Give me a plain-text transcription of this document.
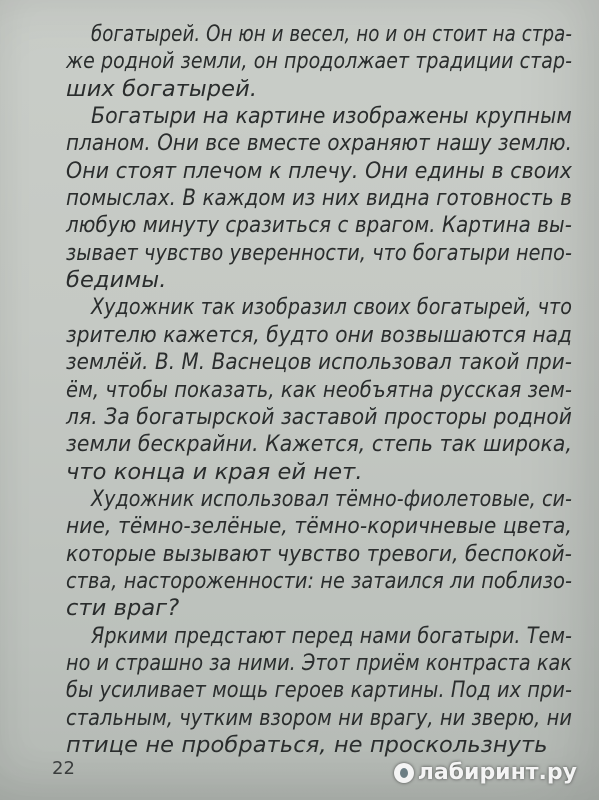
богатырей. Он юн и весел, но и он стоит на стра-
же родной земли, он продолжает традиции стар-
ших богатырей.
Богатыри на картине изображены крупным
планом. Они все вместе охраняют нашу землю.
Они стоят плечом к плечу. Они едины в своих
помыслах. В каждом из них видна готовность в
любую минуту сразиться с врагом. Картина вы-
зывает чувство уверенности, что богатыри непо-
бедимы.
Художник так изобразил своих богатырей, что
зрителю кажется, будто они возвышаются над
землёй. В. М. Васнецов использовал такой при-
ём, чтобы показать, как необъятна русская зем-
ля. За богатырской заставой просторы родной
земли бескрайни. Кажется, степь так широка,
что конца и края ей нет.
Художник использовал тёмно-фиолетовые, си-
ние, тёмно-зелёные, тёмно-коричневые цвета,
которые вызывают чувство тревоги, беспокой-
ства, настороженности: не затаился ли поблизо-
сти враг?
Яркими предстают перед нами богатыри. Тем-
но и страшно за ними. Этот приём контраста как
бы усиливает мощь героев картины. Под их при-
стальным, чутким взором ни врагу, ни зверю, ни
птице не пробраться, не проскользнуть
22	лабиринт.ру
